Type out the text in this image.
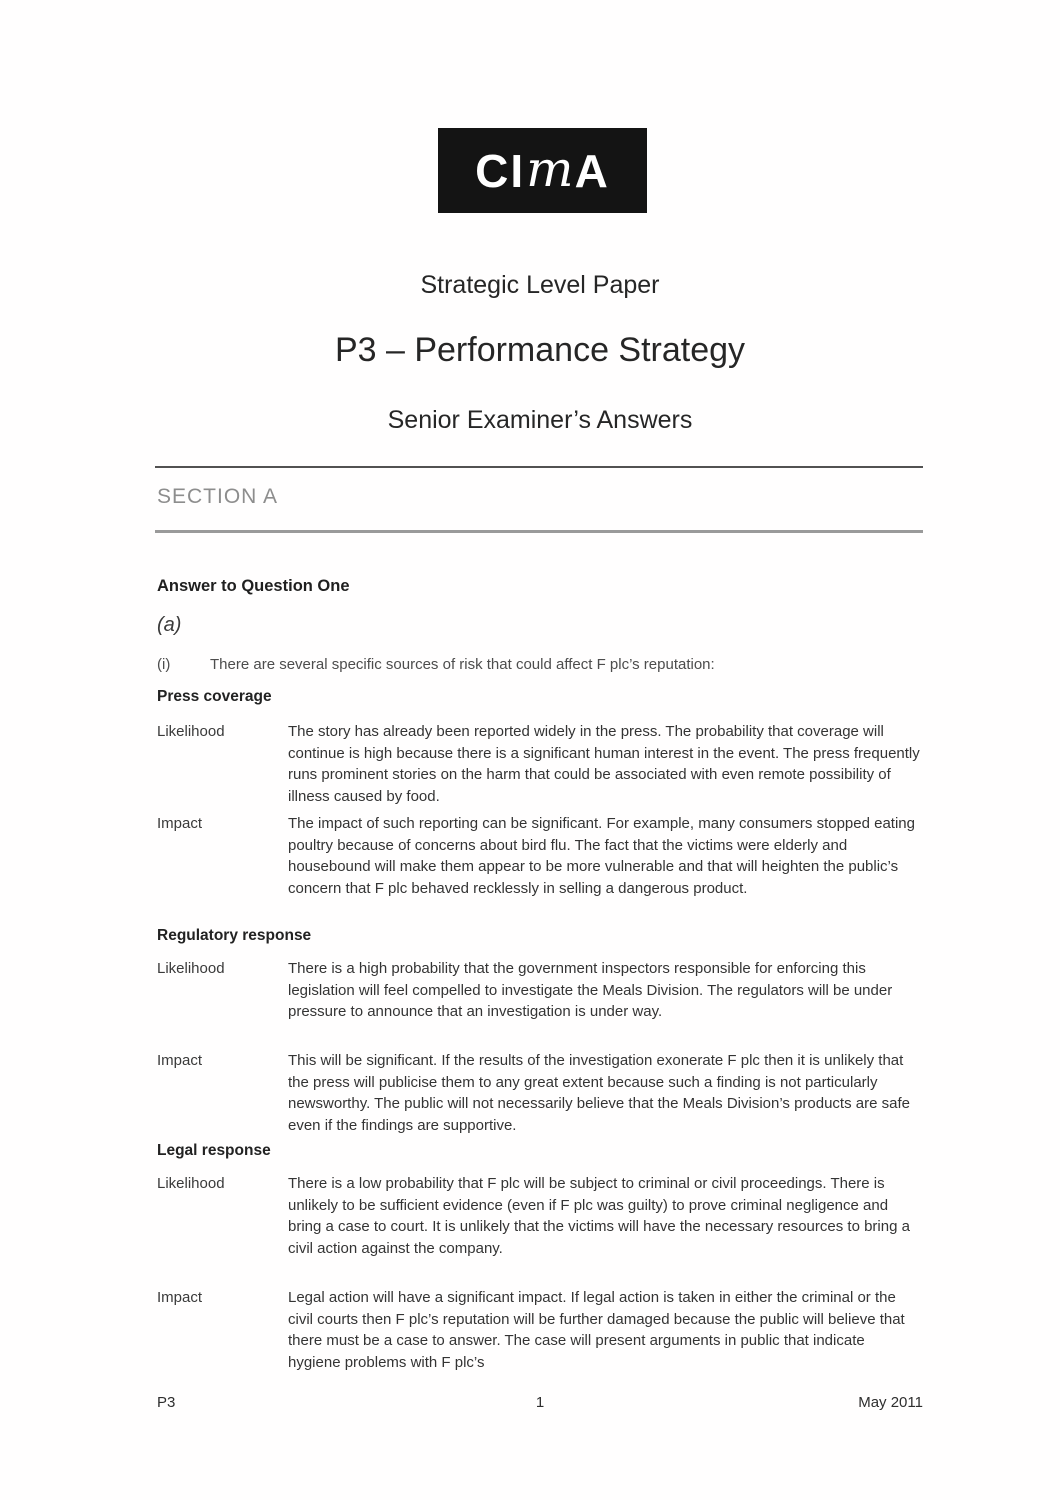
CI m A
Strategic Level Paper
P3 – Performance Strategy
Senior Examiner’s Answers
SECTION A
Answer to Question One
(a)
(i)	There are several specific sources of risk that could affect F plc’s reputation:
Press coverage
Likelihood	The story has already been reported widely in the press. The probability that coverage will continue is high because there is a significant human interest in the event. The press frequently runs prominent stories on the harm that could be associated with even remote possibility of illness caused by food.
Impact	The impact of such reporting can be significant. For example, many consumers stopped eating poultry because of concerns about bird flu. The fact that the victims were elderly and housebound will make them appear to be more vulnerable and that will heighten the public’s concern that F plc behaved recklessly in selling a dangerous product.
Regulatory response
Likelihood	There is a high probability that the government inspectors responsible for enforcing this legislation will feel compelled to investigate the Meals Division. The regulators will be under pressure to announce that an investigation is under way.
Impact	This will be significant. If the results of the investigation exonerate F plc then it is unlikely that the press will publicise them to any great extent because such a finding is not particularly newsworthy. The public will not necessarily believe that the Meals Division’s products are safe even if the findings are supportive.
Legal response
Likelihood	There is a low probability that F plc will be subject to criminal or civil proceedings. There is unlikely to be sufficient evidence (even if F plc was guilty) to prove criminal negligence and bring a case to court. It is unlikely that the victims will have the necessary resources to bring a civil action against the company.
Impact	Legal action will have a significant impact. If legal action is taken in either the criminal or the civil courts then F plc’s reputation will be further damaged because the public will believe that there must be a case to answer. The case will present arguments in public that indicate hygiene problems with F plc’s
P3	1	May 2011
